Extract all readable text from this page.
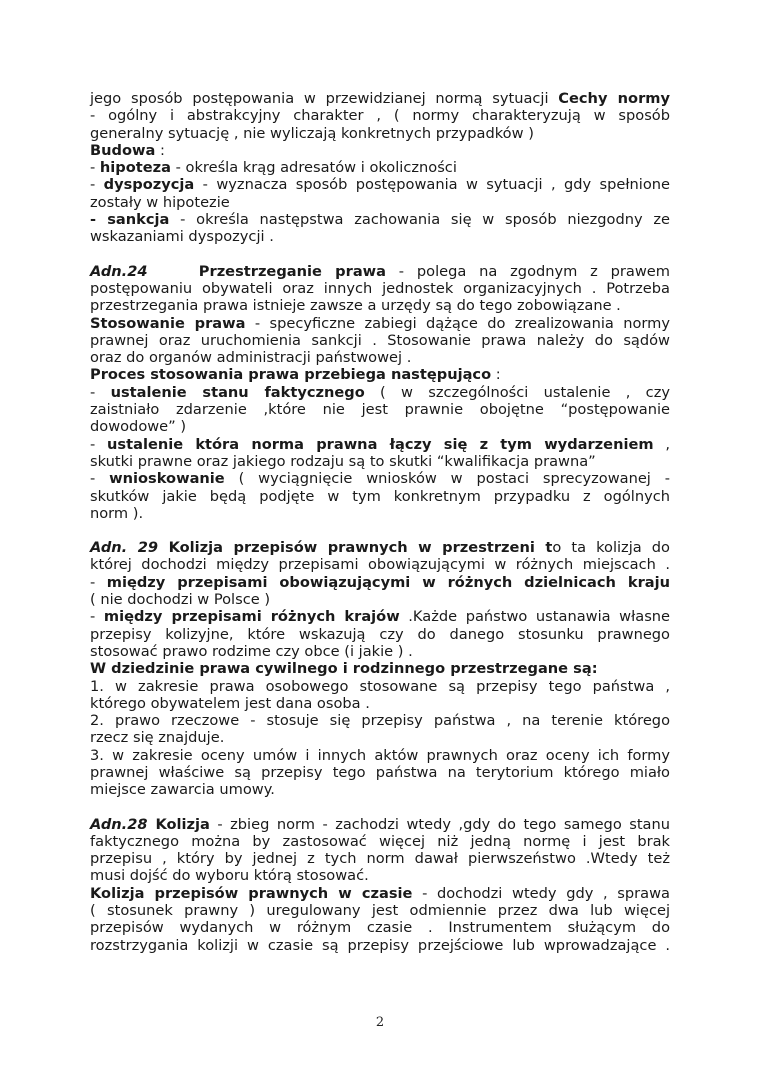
jego sposób postępowania w przewidzianej normą sytuacji Cechy normy
- ogólny i abstrakcyjny charakter , ( normy charakteryzują w sposób
generalny sytuację , nie wyliczają konkretnych przypadków )
Budowa :
- hipoteza - określa krąg adresatów i okoliczności
- dyspozycja - wyznacza sposób postępowania w sytuacji , gdy spełnione
zostały w hipotezie
- sankcja - określa następstwa zachowania się w sposób niezgodny ze
wskazaniami dyspozycji .
Adn.24	Przestrzeganie prawa - polega na zgodnym z prawem
postępowaniu obywateli oraz innych jednostek organizacyjnych . Potrzeba
przestrzegania prawa istnieje zawsze a urzędy są do tego zobowiązane .
Stosowanie prawa - specyficzne zabiegi dążące do zrealizowania normy
prawnej oraz uruchomienia sankcji . Stosowanie prawa należy do sądów
oraz do organów administracji państwowej .
Proces stosowania prawa przebiega następująco :
- ustalenie stanu faktycznego ( w szczególności ustalenie , czy
zaistniało zdarzenie ,które nie jest prawnie obojętne “postępowanie
dowodowe” )
- ustalenie która norma prawna łączy się z tym wydarzeniem ,
skutki prawne oraz jakiego rodzaju są to skutki “kwalifikacja prawna”
- wnioskowanie ( wyciągnięcie wniosków w postaci sprecyzowanej -
skutków jakie będą podjęte w tym konkretnym przypadku z ogólnych
norm ).
Adn. 29 Kolizja przepisów prawnych w przestrzeni to ta kolizja do
której dochodzi między przepisami obowiązującymi w różnych miejscach .
- między przepisami obowiązującymi w różnych dzielnicach kraju
( nie dochodzi w Polsce )
- między przepisami różnych krajów .Każde państwo ustanawia własne
przepisy kolizyjne, które wskazują czy do danego stosunku prawnego
stosować prawo rodzime czy obce (i jakie ) .
W dziedzinie prawa cywilnego i rodzinnego przestrzegane są:
1. w zakresie prawa osobowego stosowane są przepisy tego państwa ,
którego obywatelem jest dana osoba .
2. prawo rzeczowe - stosuje się przepisy państwa , na terenie którego
rzecz się znajduje.
3. w zakresie oceny umów i innych aktów prawnych oraz oceny ich formy
prawnej właściwe są przepisy tego państwa na terytorium którego miało
miejsce zawarcia umowy.
Adn.28 Kolizja - zbieg norm - zachodzi wtedy ,gdy do tego samego stanu
faktycznego można by zastosować więcej niż jedną normę i jest brak
przepisu , który by jednej z tych norm dawał pierwszeństwo .Wtedy też
musi dojść do wyboru którą stosować.
Kolizja przepisów prawnych w czasie - dochodzi wtedy gdy , sprawa
( stosunek prawny ) uregulowany jest odmiennie przez dwa lub więcej
przepisów wydanych w różnym czasie . Instrumentem służącym do
rozstrzygania kolizji w czasie są przepisy przejściowe lub wprowadzające .
2
